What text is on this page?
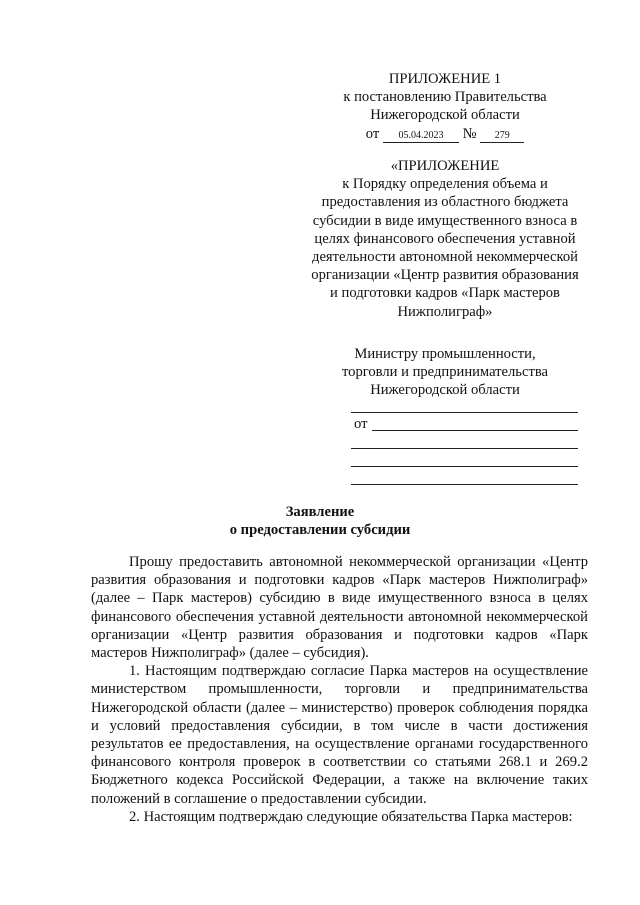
ПРИЛОЖЕНИЕ 1
к постановлению Правительства
Нижегородской области
от 05.04.2023 № 279
«ПРИЛОЖЕНИЕ
к Порядку определения объема и
предоставления из областного бюджета
субсидии в виде имущественного взноса в
целях финансового обеспечения уставной
деятельности автономной некоммерческой
организации «Центр развития образования
и подготовки кадров «Парк мастеров
Нижполиграф»
Министру промышленности,
торговли и предпринимательства
Нижегородской области
от
Заявление
о предоставлении субсидии

Прошу предоставить автономной некоммерческой организации «Центр развития образования и подготовки кадров «Парк мастеров Нижполиграф» (далее – Парк мастеров) субсидию в виде имущественного взноса в целях финансового обеспечения уставной деятельности автономной некоммерческой организации «Центр развития образования и подготовки кадров «Парк мастеров Нижполиграф» (далее – субсидия).

1. Настоящим подтверждаю согласие Парка мастеров на осуществление министерством промышленности, торговли и предпринимательства Нижегородской области (далее – министерство) проверок соблюдения порядка и условий предоставления субсидии, в том числе в части достижения результатов ее предоставления, на осуществление органами государственного финансового контроля проверок в соответствии со статьями 268.1 и 269.2 Бюджетного кодекса Российской Федерации, а также на включение таких положений в соглашение о предоставлении субсидии.

2. Настоящим подтверждаю следующие обязательства Парка мастеров:
